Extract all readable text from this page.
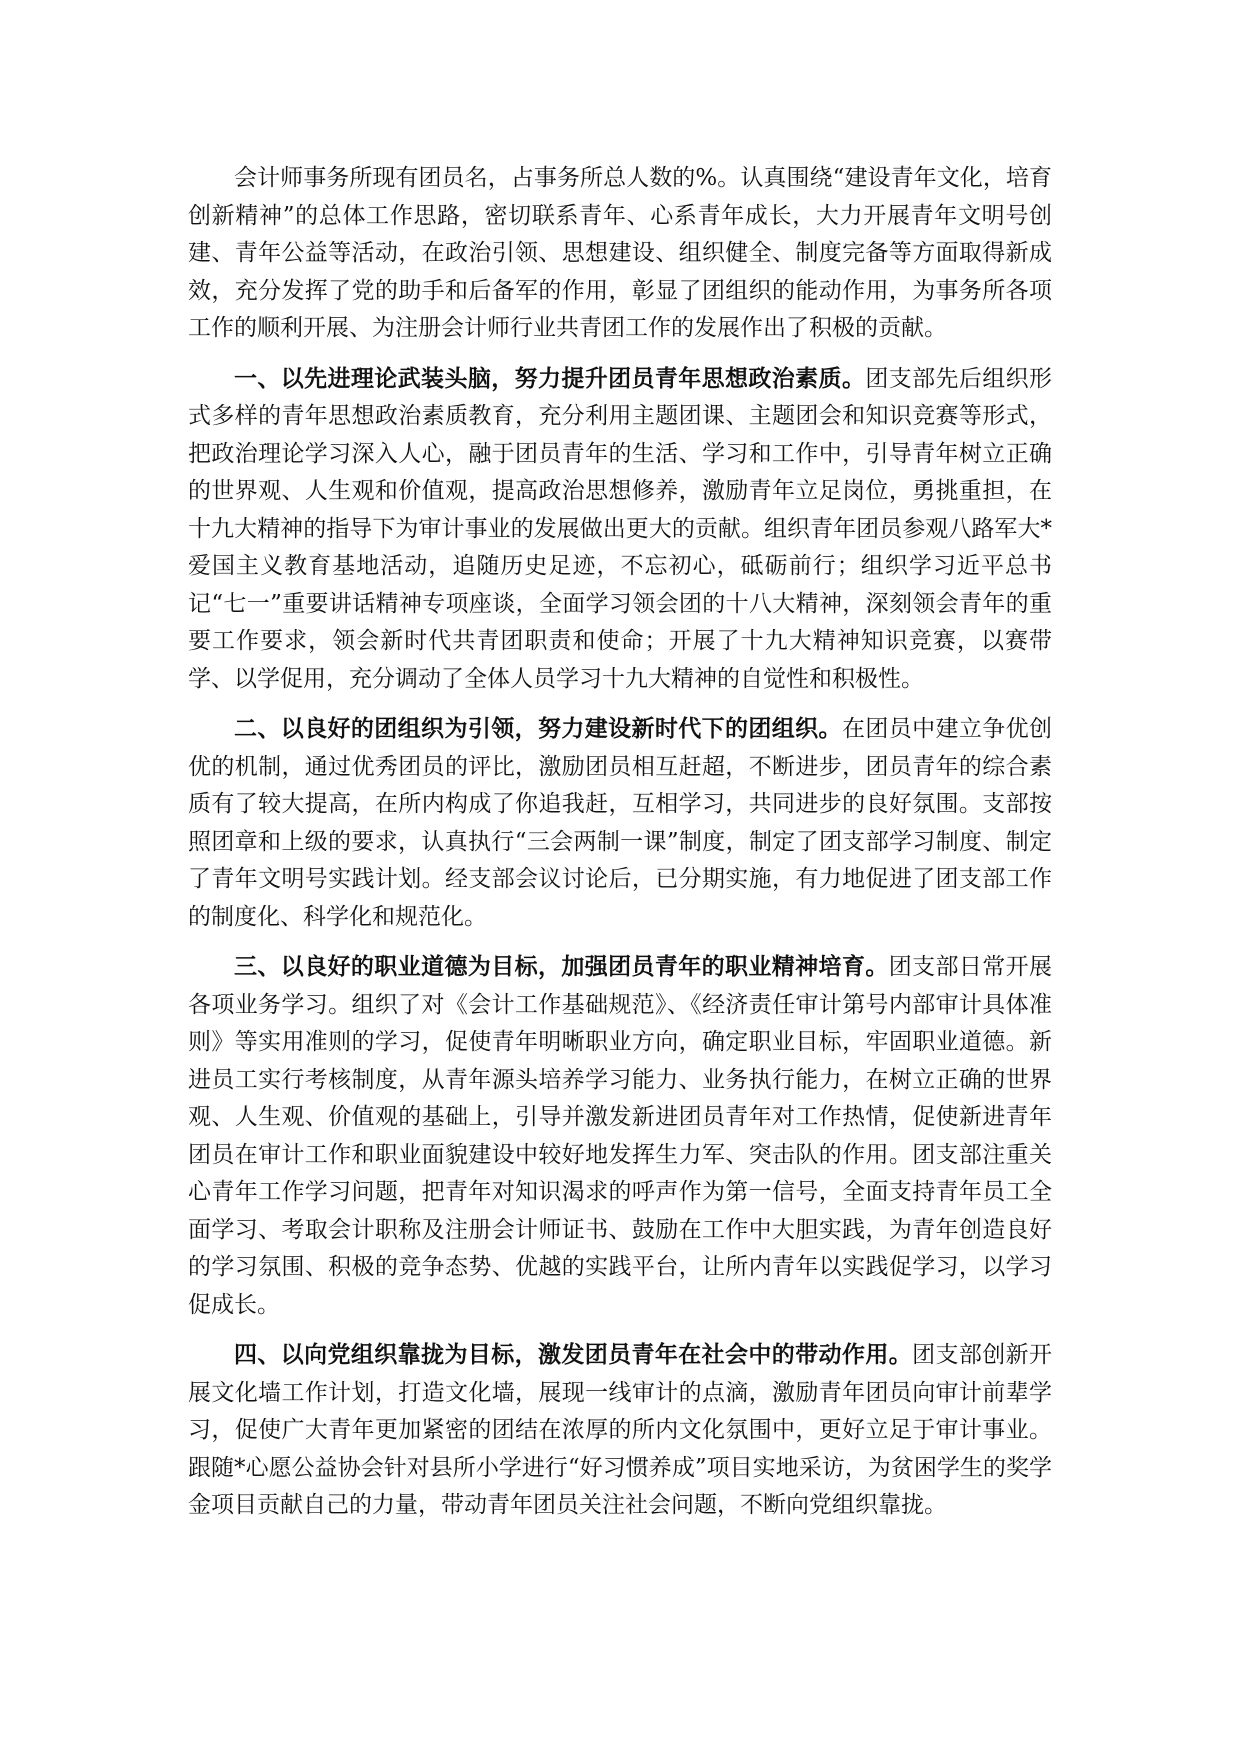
会计师事务所现有团员名，占事务所总人数的%。认真围绕“建设青年文化，培育创新精神”的总体工作思路，密切联系青年、心系青年成长，大力开展青年文明号创建、青年公益等活动，在政治引领、思想建设、组织健全、制度完备等方面取得新成效，充分发挥了党的助手和后备军的作用，彰显了团组织的能动作用，为事务所各项工作的顺利开展、为注册会计师行业共青团工作的发展作出了积极的贡献。

一、以先进理论武装头脑，努力提升团员青年思想政治素质。团支部先后组织形式多样的青年思想政治素质教育，充分利用主题团课、主题团会和知识竞赛等形式，把政治理论学习深入人心，融于团员青年的生活、学习和工作中，引导青年树立正确的世界观、人生观和价值观，提高政治思想修养，激励青年立足岗位，勇挑重担，在十九大精神的指导下为审计事业的发展做出更大的贡献。组织青年团员参观八路军大*爱国主义教育基地活动，追随历史足迹，不忘初心，砥砺前行；组织学习近平总书记“七一”重要讲话精神专项座谈，全面学习领会团的十八大精神，深刻领会青年的重要工作要求，领会新时代共青团职责和使命；开展了十九大精神知识竞赛，以赛带学、以学促用，充分调动了全体人员学习十九大精神的自觉性和积极性。

二、以良好的团组织为引领，努力建设新时代下的团组织。在团员中建立争优创优的机制，通过优秀团员的评比，激励团员相互赶超，不断进步，团员青年的综合素质有了较大提高，在所内构成了你追我赶，互相学习，共同进步的良好氛围。支部按照团章和上级的要求，认真执行“三会两制一课”制度，制定了团支部学习制度、制定了青年文明号实践计划。经支部会议讨论后，已分期实施，有力地促进了团支部工作的制度化、科学化和规范化。

三、以良好的职业道德为目标，加强团员青年的职业精神培育。团支部日常开展各项业务学习。组织了对《会计工作基础规范》、《经济责任审计第号内部审计具体准则》等实用准则的学习，促使青年明晰职业方向，确定职业目标，牢固职业道德。新进员工实行考核制度，从青年源头培养学习能力、业务执行能力，在树立正确的世界观、人生观、价值观的基础上，引导并激发新进团员青年对工作热情，促使新进青年团员在审计工作和职业面貌建设中较好地发挥生力军、突击队的作用。团支部注重关心青年工作学习问题，把青年对知识渴求的呼声作为第一信号，全面支持青年员工全面学习、考取会计职称及注册会计师证书、鼓励在工作中大胆实践，为青年创造良好的学习氛围、积极的竞争态势、优越的实践平台，让所内青年以实践促学习，以学习促成长。

四、以向党组织靠拢为目标，激发团员青年在社会中的带动作用。团支部创新开展文化墙工作计划，打造文化墙，展现一线审计的点滴，激励青年团员向审计前辈学习，促使广大青年更加紧密的团结在浓厚的所内文化氛围中，更好立足于审计事业。跟随*心愿公益协会针对县所小学进行“好习惯养成”项目实地采访，为贫困学生的奖学金项目贡献自己的力量，带动青年团员关注社会问题，不断向党组织靠拢。
